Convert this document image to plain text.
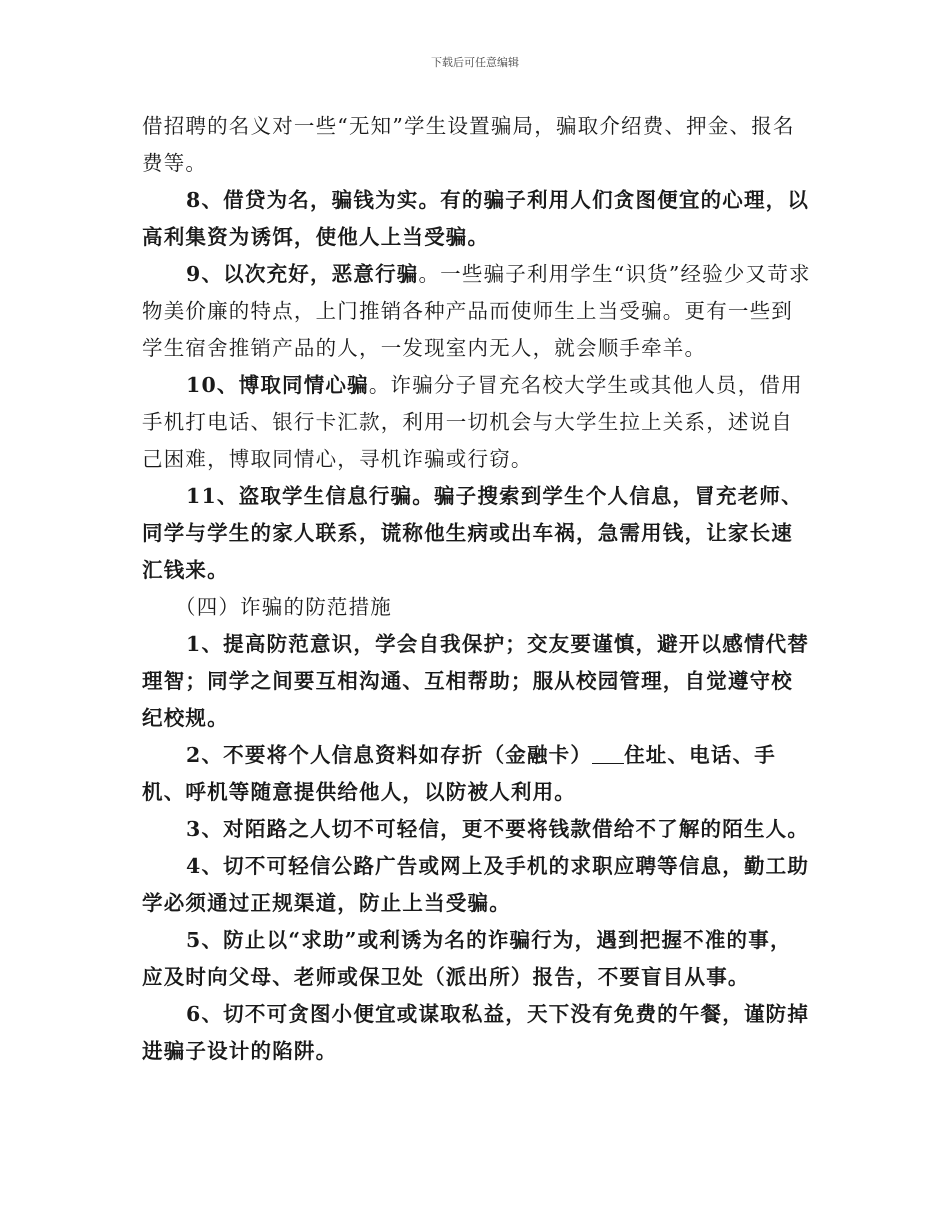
下载后可任意编辑

借招聘的名义对一些“无知”学生设置骗局，骗取介绍费、押金、报名费等。

8、借贷为名，骗钱为实。有的骗子利用人们贪图便宜的心理，以高利集资为诱饵，使他人上当受骗。

9、以次充好，恶意行骗。一些骗子利用学生“识货”经验少又苛求物美价廉的特点，上门推销各种产品而使师生上当受骗。更有一些到学生宿舍推销产品的人，一发现室内无人，就会顺手牵羊。

10、博取同情心骗。诈骗分子冒充名校大学生或其他人员，借用手机打电话、银行卡汇款，利用一切机会与大学生拉上关系，述说自己困难，博取同情心，寻机诈骗或行窃。

11、盗取学生信息行骗。骗子搜索到学生个人信息，冒充老师、同学与学生的家人联系，谎称他生病或出车祸，急需用钱，让家长速汇钱来。

（四）诈骗的防范措施

1、提高防范意识，学会自我保护；交友要谨慎，避开以感情代替理智；同学之间要互相沟通、互相帮助；服从校园管理，自觉遵守校纪校规。

2、不要将个人信息资料如存折（金融卡） 住址、电话、手机、呼机等随意提供给他人，以防被人利用。

3、对陌路之人切不可轻信，更不要将钱款借给不了解的陌生人。

4、切不可轻信公路广告或网上及手机的求职应聘等信息，勤工助学必须通过正规渠道，防止上当受骗。

5、防止以“求助”或利诱为名的诈骗行为，遇到把握不准的事，应及时向父母、老师或保卫处（派出所）报告，不要盲目从事。

6、切不可贪图小便宜或谋取私益，天下没有免费的午餐，谨防掉进骗子设计的陷阱。
